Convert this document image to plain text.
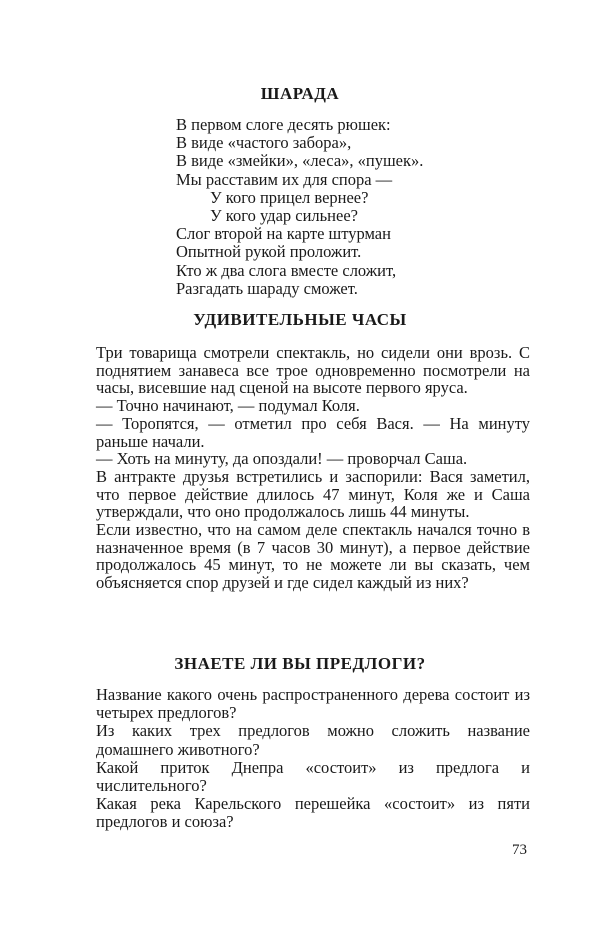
ШАРАДА
В первом слоге десять рюшек:
В виде «частого забора»,
В виде «змейки», «леса», «пушек».
Мы расставим их для спора —
У кого прицел вернее?
У кого удар сильнее?
Слог второй на карте штурман
Опытной рукой проложит.
Кто ж два слога вместе сложит,
Разгадать шараду сможет.
УДИВИТЕЛЬНЫЕ ЧАСЫ

Три товарища смотрели спектакль, но сидели они врозь. С поднятием занавеса все трое одновременно посмотрели на часы, висевшие над сценой на высоте первого яруса.

— Точно начинают, — подумал Коля.

— Торопятся, — отметил про себя Вася. — На минуту раньше начали.

— Хоть на минуту, да опоздали! — проворчал Саша.

В антракте друзья встретились и заспорили: Вася заметил, что первое действие длилось 47 минут, Коля же и Саша утверждали, что оно продолжалось лишь 44 минуты.

Если известно, что на самом деле спектакль начался точно в назначенное время (в 7 часов 30 минут), а первое действие продолжалось 45 минут, то не можете ли вы сказать, чем объясняется спор друзей и где сидел каждый из них?

ЗНАЕТЕ ЛИ ВЫ ПРЕДЛОГИ?

Название какого очень распространенного дерева состоит из четырех предлогов?

Из каких трех предлогов можно сложить название домашнего животного?

Какой приток Днепра «состоит» из предлога и числительного?

Какая река Карельского перешейка «состоит» из пяти предлогов и союза?

73
